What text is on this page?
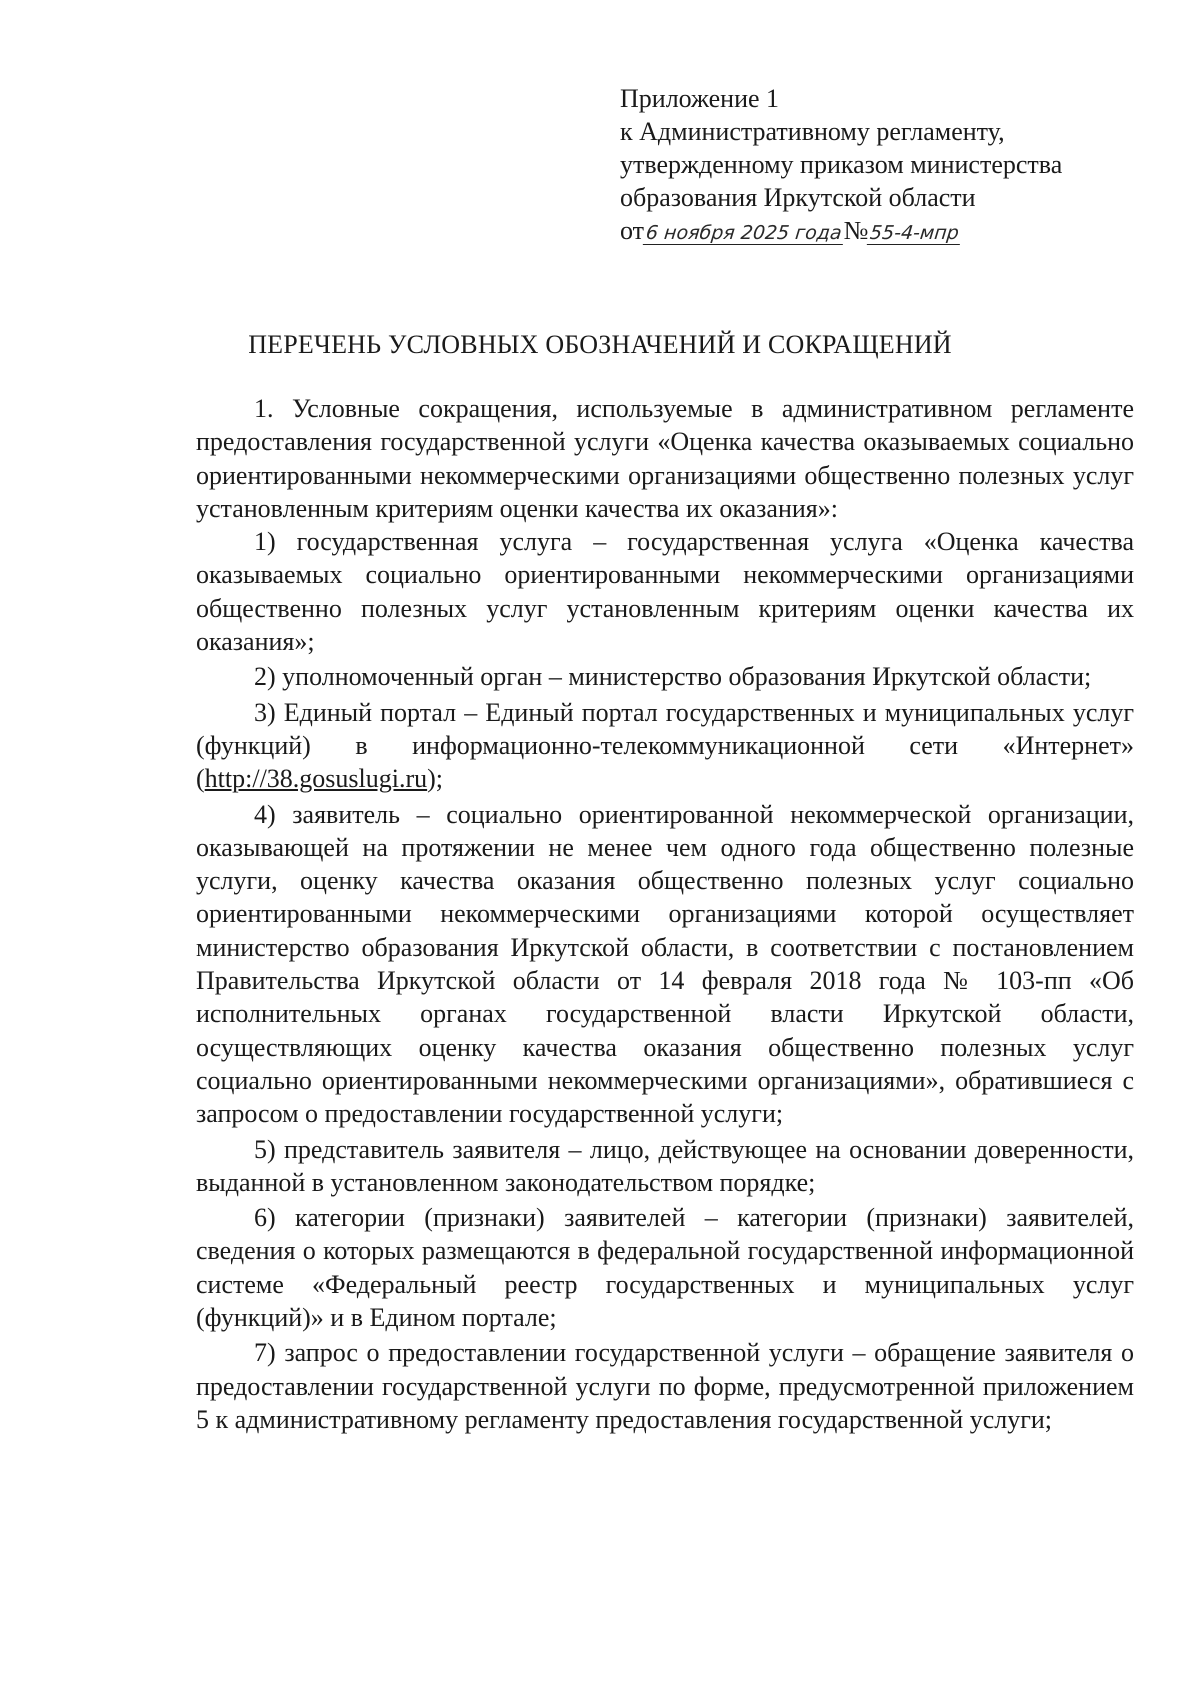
Приложение 1
к Административному регламенту,
утвержденному приказом министерства
образования Иркутской области
от6 ноября 2025 года№55-4-мпр
ПЕРЕЧЕНЬ УСЛОВНЫХ ОБОЗНАЧЕНИЙ И СОКРАЩЕНИЙ

1. Условные сокращения, используемые в административном регламенте предоставления государственной услуги «Оценка качества оказываемых социально ориентированными некоммерческими организациями общественно полезных услуг установленным критериям оценки качества их оказания»:

1) государственная услуга – государственная услуга «Оценка качества оказываемых социально ориентированными некоммерческими организациями общественно полезных услуг установленным критериям оценки качества их оказания»;

2) уполномоченный орган – министерство образования Иркутской области;

3) Единый портал – Единый портал государственных и муниципальных услуг (функций) в информационно-телекоммуникационной сети «Интернет» (http://38.gosuslugi.ru);

4) заявитель – социально ориентированной некоммерческой организации, оказывающей на протяжении не менее чем одного года общественно полезные услуги, оценку качества оказания общественно полезных услуг социально ориентированными некоммерческими организациями которой осуществляет министерство образования Иркутской области, в соответствии с постановлением Правительства Иркутской области от 14 февраля 2018 года № 103-пп «Об исполнительных органах государственной власти Иркутской области, осуществляющих оценку качества оказания общественно полезных услуг социально ориентированными некоммерческими организациями», обратившиеся с запросом о предоставлении государственной услуги;

5) представитель заявителя – лицо, действующее на основании доверенности, выданной в установленном законодательством порядке;

6) категории (признаки) заявителей – категории (признаки) заявителей, сведения о которых размещаются в федеральной государственной информационной системе «Федеральный реестр государственных и муниципальных услуг (функций)» и в Едином портале;

7) запрос о предоставлении государственной услуги – обращение заявителя о предоставлении государственной услуги по форме, предусмотренной приложением 5 к административному регламенту предоставления государственной услуги;
